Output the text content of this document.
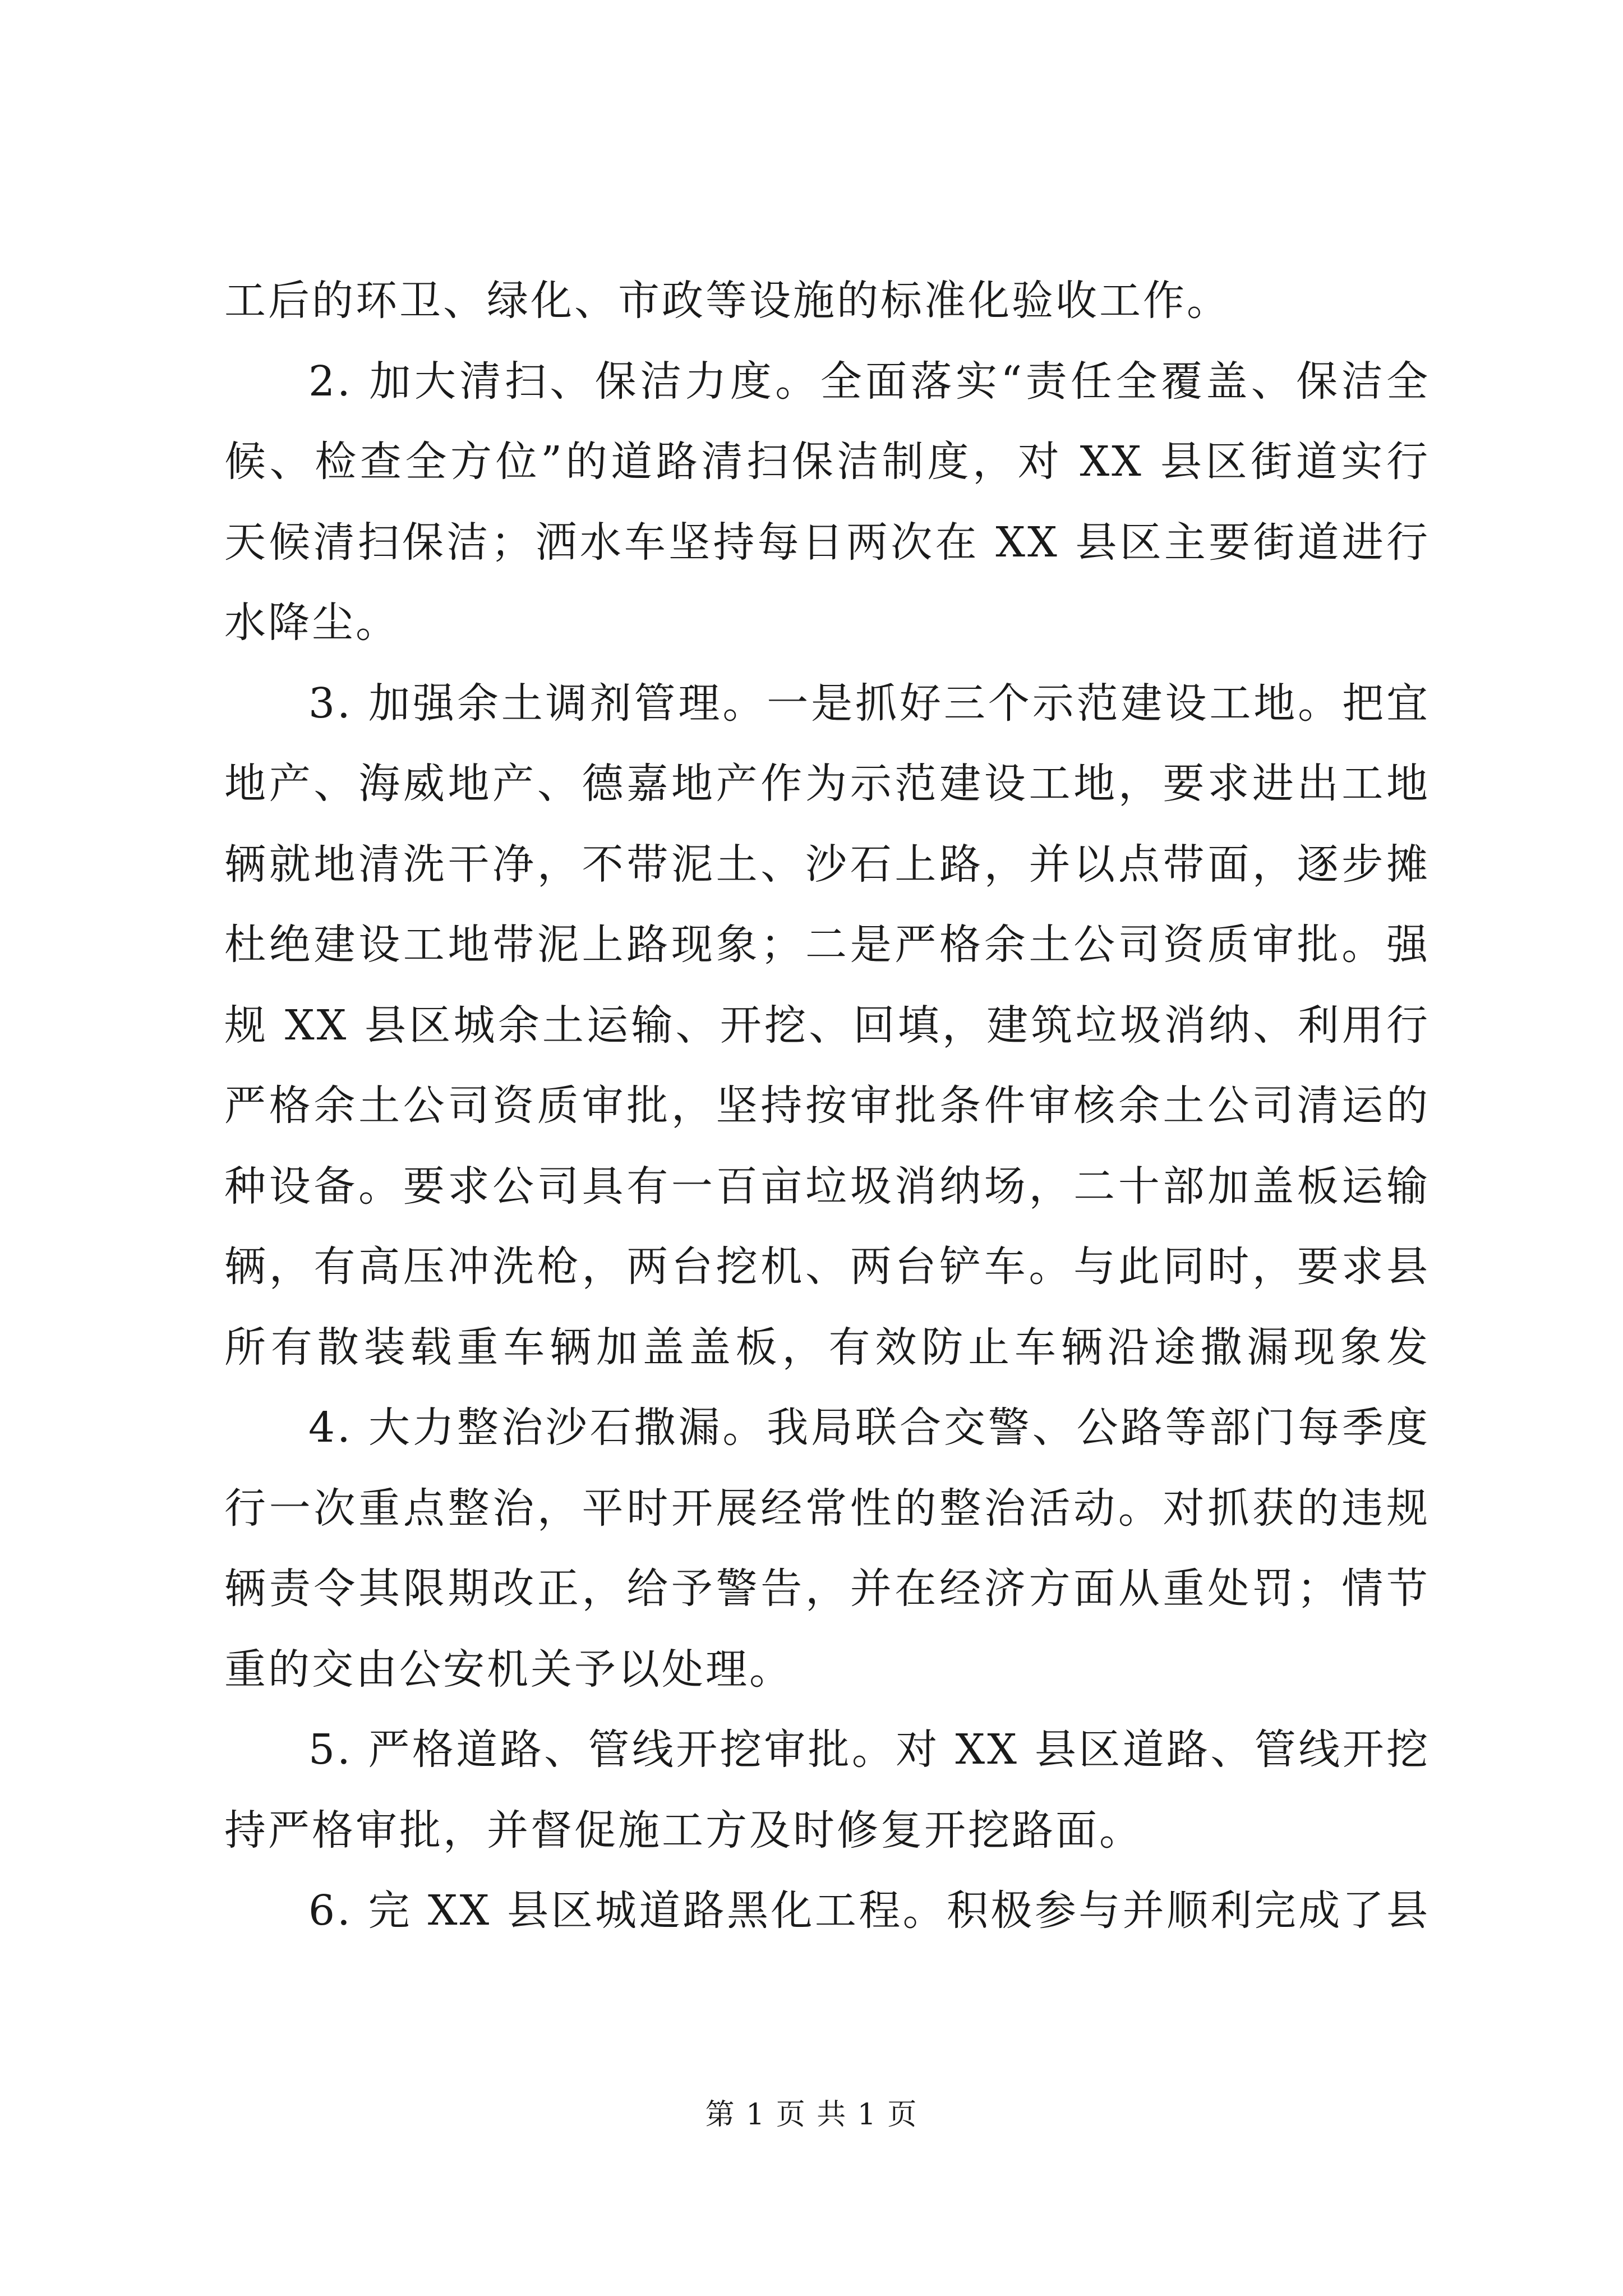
工后的环卫、绿化、市政等设施的标准化验收工作。
2. 加大清扫、保洁力度。全面落实“责任全覆盖、保洁全
候、检查全方位”的道路清扫保洁制度，对 XX 县区街道实行
天候清扫保洁；洒水车坚持每日两次在 XX 县区主要街道进行
水降尘。
3. 加强余土调剂管理。一是抓好三个示范建设工地。把宜
地产、海威地产、德嘉地产作为示范建设工地，要求进出工地
辆就地清洗干净，不带泥土、沙石上路，并以点带面，逐步摊
杜绝建设工地带泥上路现象；二是严格余土公司资质审批。强
规 XX 县区城余土运输、开挖、回填，建筑垃圾消纳、利用行
严格余土公司资质审批，坚持按审批条件审核余土公司清运的
种设备。要求公司具有一百亩垃圾消纳场，二十部加盖板运输
辆，有高压冲洗枪，两台挖机、两台铲车。与此同时，要求县
所有散装载重车辆加盖盖板，有效防止车辆沿途撒漏现象发
4. 大力整治沙石撒漏。我局联合交警、公路等部门每季度
行一次重点整治，平时开展经常性的整治活动。对抓获的违规
辆责令其限期改正，给予警告，并在经济方面从重处罚；情节
重的交由公安机关予以处理。
5. 严格道路、管线开挖审批。对 XX 县区道路、管线开挖
持严格审批，并督促施工方及时修复开挖路面。
6. 完 XX 县区城道路黑化工程。积极参与并顺利完成了县
第 1 页 共 1 页
